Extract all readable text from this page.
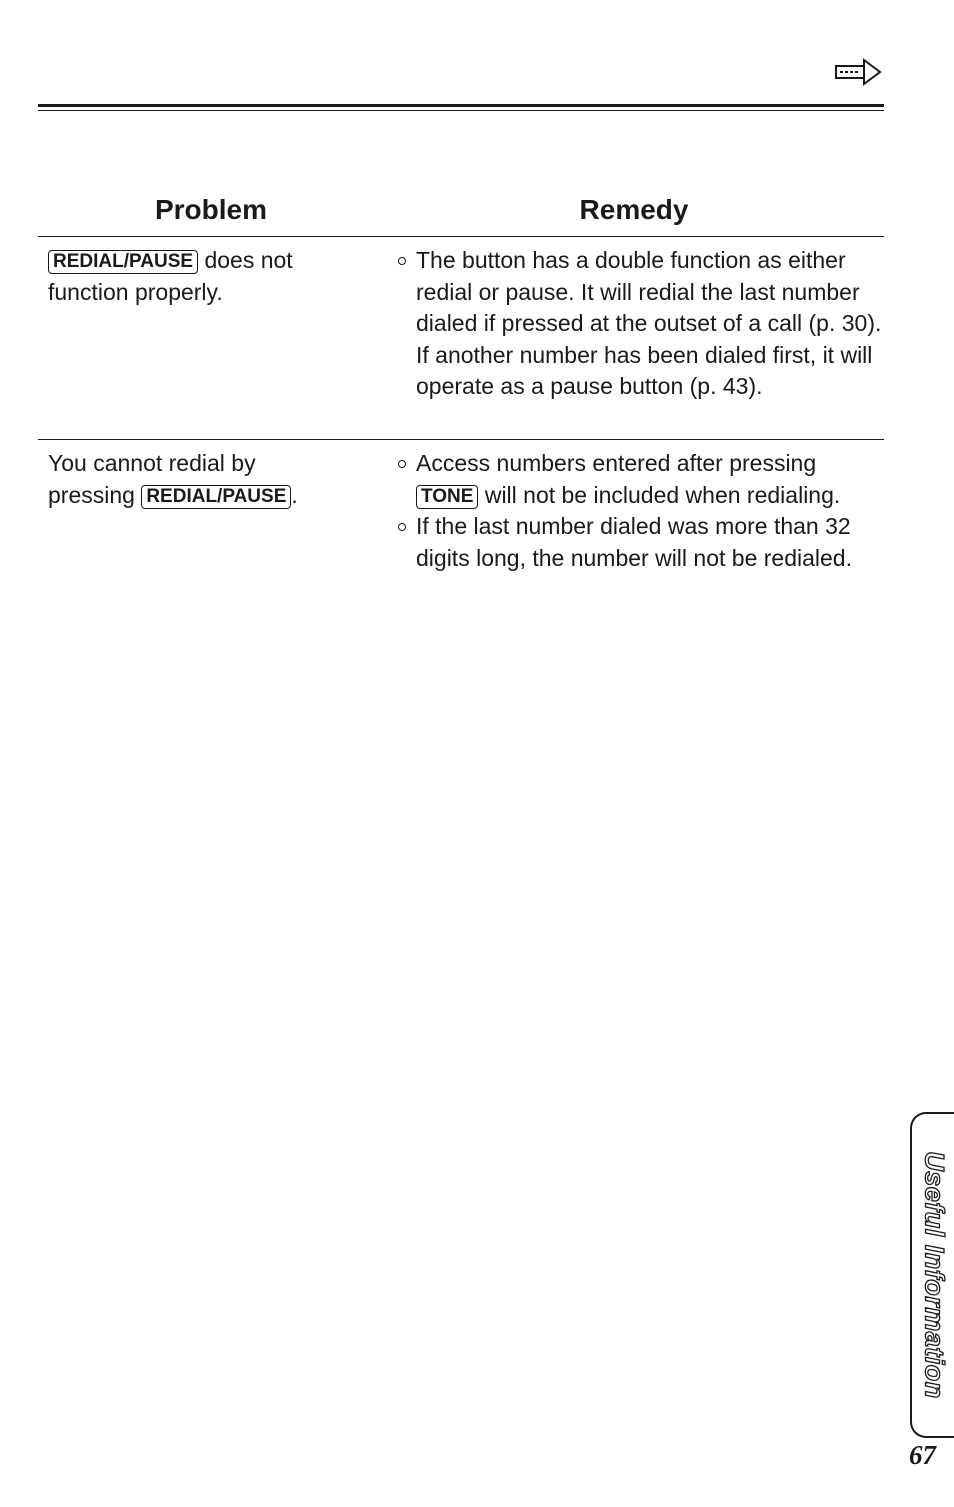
Problem	Remedy
REDIAL/PAUSE does not
function properly.
The button has a double function as either redial or pause. It will redial the last number dialed if pressed at the outset of a call (p. 30). If another number has been dialed first, it will operate as a pause button (p. 43).
You cannot redial by
pressing REDIAL/PAUSE .
Access numbers entered after pressing TONE will not be included when redialing.
If the last number dialed was more than 32 digits long, the number will not be redialed.
Useful Information
67
